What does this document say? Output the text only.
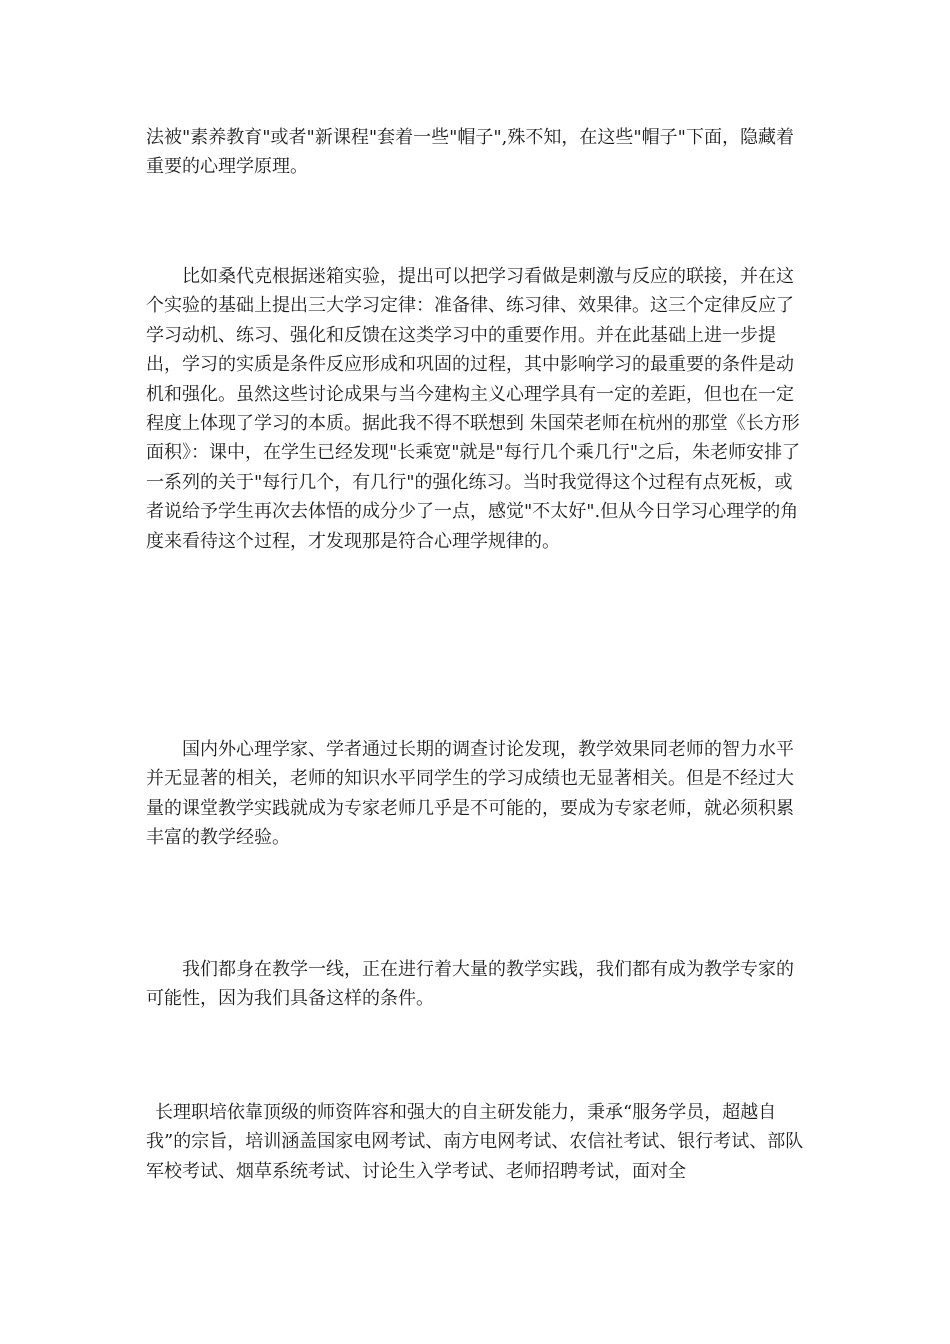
法被"素养教育"或者"新课程"套着一些"帽子",殊不知，在这些"帽子"下面，隐藏着重要的心理学原理。

比如桑代克根据迷箱实验，提出可以把学习看做是刺激与反应的联接，并在这个实验的基础上提出三大学习定律：准备律、练习律、效果律。这三个定律反应了学习动机、练习、强化和反馈在这类学习中的重要作用。并在此基础上进一步提出，学习的实质是条件反应形成和巩固的过程，其中影响学习的最重要的条件是动机和强化。虽然这些讨论成果与当今建构主义心理学具有一定的差距，但也在一定程度上体现了学习的本质。据此我不得不联想到 朱国荣老师在杭州的那堂《长方形面积》：课中，在学生已经发现"长乘宽"就是"每行几个乘几行"之后，朱老师安排了一系列的关于"每行几个，有几行"的强化练习。当时我觉得这个过程有点死板，或者说给予学生再次去体悟的成分少了一点，感觉"不太好".但从今日学习心理学的角度来看待这个过程，才发现那是符合心理学规律的。

国内外心理学家、学者通过长期的调查讨论发现，教学效果同老师的智力水平并无显著的相关，老师的知识水平同学生的学习成绩也无显著相关。但是不经过大量的课堂教学实践就成为专家老师几乎是不可能的，要成为专家老师，就必须积累丰富的教学经验。

我们都身在教学一线，正在进行着大量的教学实践，我们都有成为教学专家的可能性，因为我们具备这样的条件。

长理职培依靠顶级的师资阵容和强大的自主研发能力，秉承“服务学员，超越自我”的宗旨，培训涵盖国家电网考试、南方电网考试、农信社考试、银行考试、部队军校考试、烟草系统考试、讨论生入学考试、老师招聘考试，面对全
